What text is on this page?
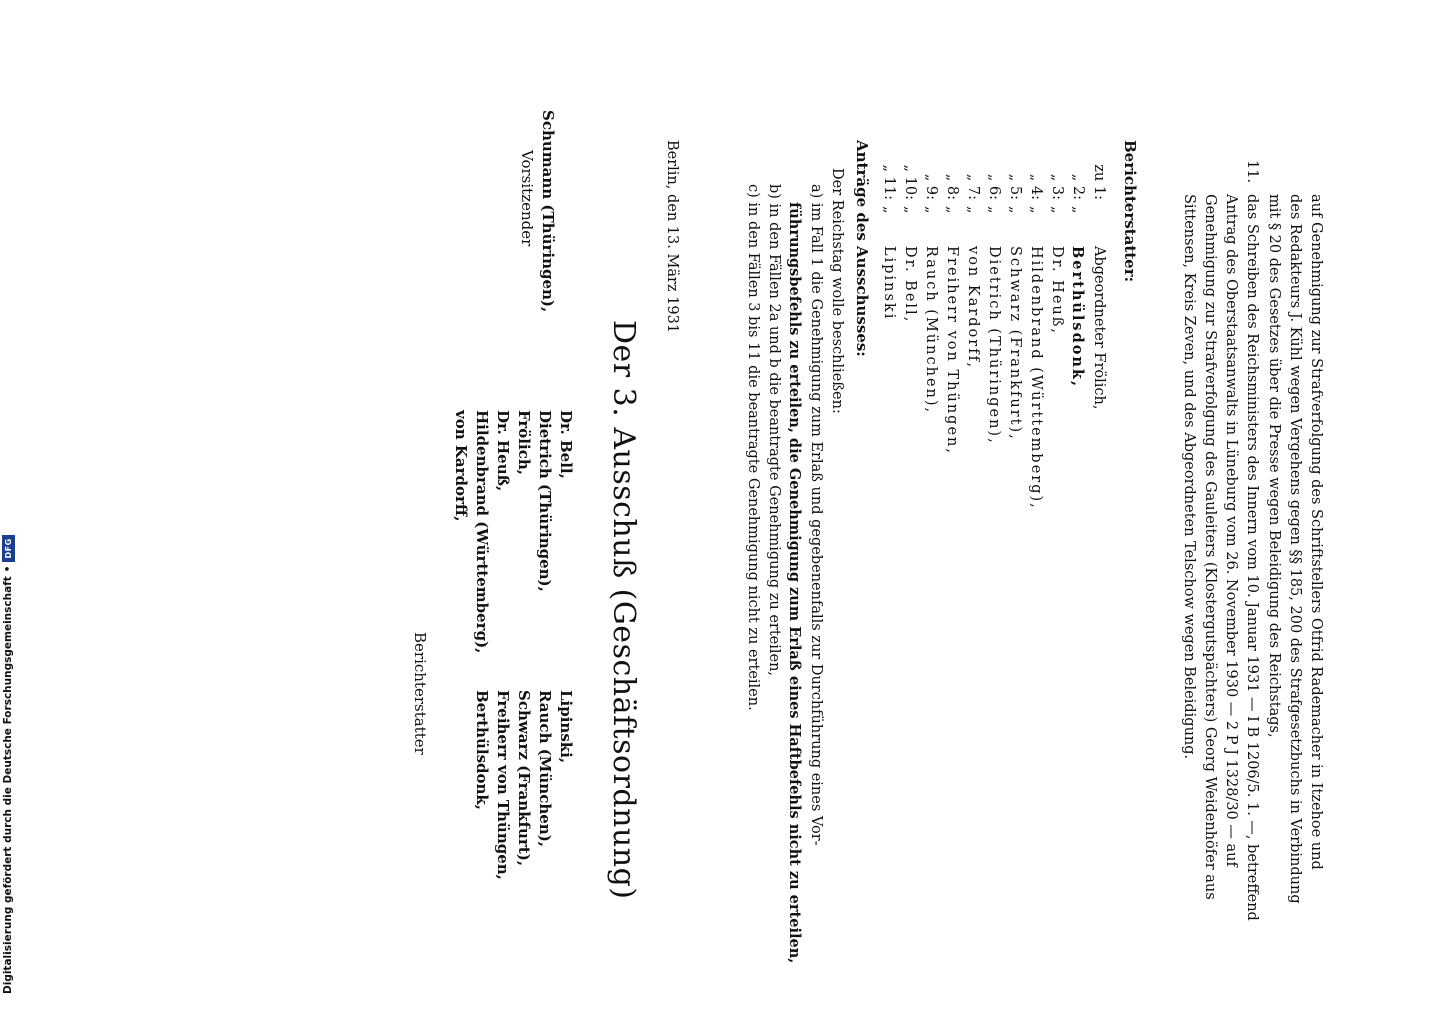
auf Genehmigung zur Strafverfolgung des Schriftstellers Otfrid Rademacher in Itzehoe und
des Redakteurs J. Kühl wegen Vergehens gegen §§ 185, 200 des Strafgesetzbuchs in Verbindung
mit § 20 des Gesetzes über die Presse wegen Beleidigung des Reichstags,
11.
das Schreiben des Reichsministers des Innern vom 10. Januar 1931 — I B 1206/5. 1. —, betreffend
Antrag des Oberstaatsanwalts in Lüneburg vom 26. November 1930 — 2 P J 1328/30 — auf
Genehmigung zur Strafverfolgung des Gauleiters (Klostergutspächters) Georg Weidenhöfer aus
Sittensen, Kreis Zeven, und des Abgeordneten Telschow wegen Beleidigung.
Berichterstatter:
zu 1:
Abgeordneter Frölich,
„ 2:
„
Berthülsdonk,
„ 3:
„
Dr. Heuß,
„ 4:
„
Hildenbrand (Württemberg),
„ 5:
„
Schwarz (Frankfurt),
„ 6:
„
Dietrich (Thüringen),
„ 7:
„
von Kardorff,
„ 8:
„
Freiherr von Thüngen,
„ 9:
„
Rauch (München),
„ 10:
„
Dr. Bell,
„ 11:
„
Lipinski
Anträge des Ausschusses:
Der Reichstag wolle beschließen:
a) im Fall 1 die Genehmigung zum Erlaß und gegebenenfalls zur Durchführung eines Vor-
führungsbefehls zu erteilen, die Genehmigung zum Erlaß eines Haftbefehls nicht zu erteilen,
b) in den Fällen 2a und b die beantragte Genehmigung zu erteilen,
c) in den Fällen 3 bis 11 die beantragte Genehmigung nicht zu erteilen.
Berlin, den 13. März 1931
Der 3. Ausschuß (Geschäftsordnung)
Schumann (Thüringen),
Vorsitzender
Dr. Bell,
Dietrich (Thüringen),
Frölich,
Dr. Heuß,
Hildenbrand (Württemberg),
von Kardorff,
Lipinski,
Rauch (München),
Schwarz (Frankfurt),
Freiherr von Thüngen,
Berthülsdonk,
Berichterstatter
Digitalisierung gefördert durch die Deutsche Forschungsgemeinschaft
•
DFG
